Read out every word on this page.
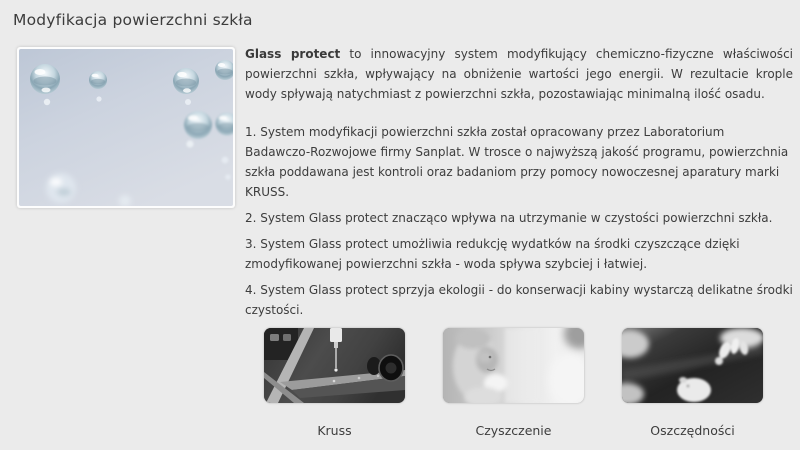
Modyfikacja powierzchni szkła

Glass protect to innowacyjny system modyfikujący chemiczno-fizyczne właściwości powierzchni szkła, wpływający na obniżenie wartości jego energii. W rezultacie krople wody spływają natychmiast z powierzchni szkła, pozostawiając minimalną ilość osadu.

1. System modyfikacji powierzchni szkła został opracowany przez Laboratorium Badawczo-Rozwojowe firmy Sanplat. W trosce o najwyższą jakość programu, powierzchnia szkła poddawana jest kontroli oraz badaniom przy pomocy nowoczesnej aparatury marki KRUSS.

2. System Glass protect znacząco wpływa na utrzymanie w czystości powierzchni szkła.

3. System Glass protect umożliwia redukcję wydatków na środki czyszczące dzięki zmodyfikowanej powierzchni szkła - woda spływa szybciej i łatwiej.

4. System Glass protect sprzyja ekologii - do konserwacji kabiny wystarczą delikatne środki czystości.

Kruss	Czyszczenie	Oszczędności
